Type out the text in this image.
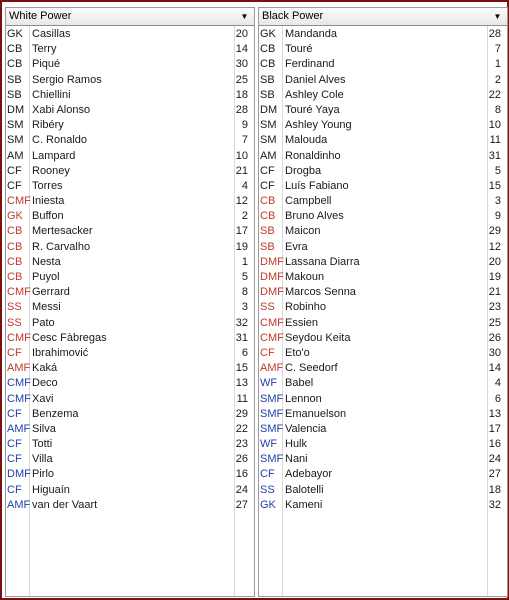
White Power	▼
GK Casillas	20
CB Terry	14
CB Piqué	30
SB Sergio Ramos	25
SB Chiellini	18
DM Xabi Alonso	28
SM Ribéry	9
SM C. Ronaldo	7
AM Lampard	10
CF Rooney	21
CF Torres	4
CMF Iniesta	12
GK Buffon	2
CB Mertesacker	17
CB R. Carvalho	19
CB Nesta	1
CB Puyol	5
CMF Gerrard	8
SS Messi	3
SS Pato	32
CMF Cesc Fàbregas	31
CF Ibrahimović	6
AMF Kaká	15
CMF Deco	13
CMF Xavi	11
CF Benzema	29
AMF Silva	22
CF Totti	23
CF Villa	26
DMF Pirlo	16
CF Higuaín	24
AMF van der Vaart	27
Black Power	▼
GK Mandanda	28
CB Touré	7
CB Ferdinand	1
SB Daniel Alves	2
SB Ashley Cole	22
DM Touré Yaya	8
SM Ashley Young	10
SM Malouda	11
AM Ronaldinho	31
CF Drogba	5
CF Luís Fabiano	15
CB Campbell	3
CB Bruno Alves	9
SB Maicon	29
SB Evra	12
DMF Lassana Diarra	20
DMF Makoun	19
DMF Marcos Senna	21
SS Robinho	23
CMF Essien	25
CMF Seydou Keita	26
CF Eto'o	30
AMF C. Seedorf	14
WF Babel	4
SMF Lennon	6
SMF Emanuelson	13
SMF Valencia	17
WF Hulk	16
SMF Nani	24
CF Adebayor	27
SS Balotelli	18
GK Kameni	32
